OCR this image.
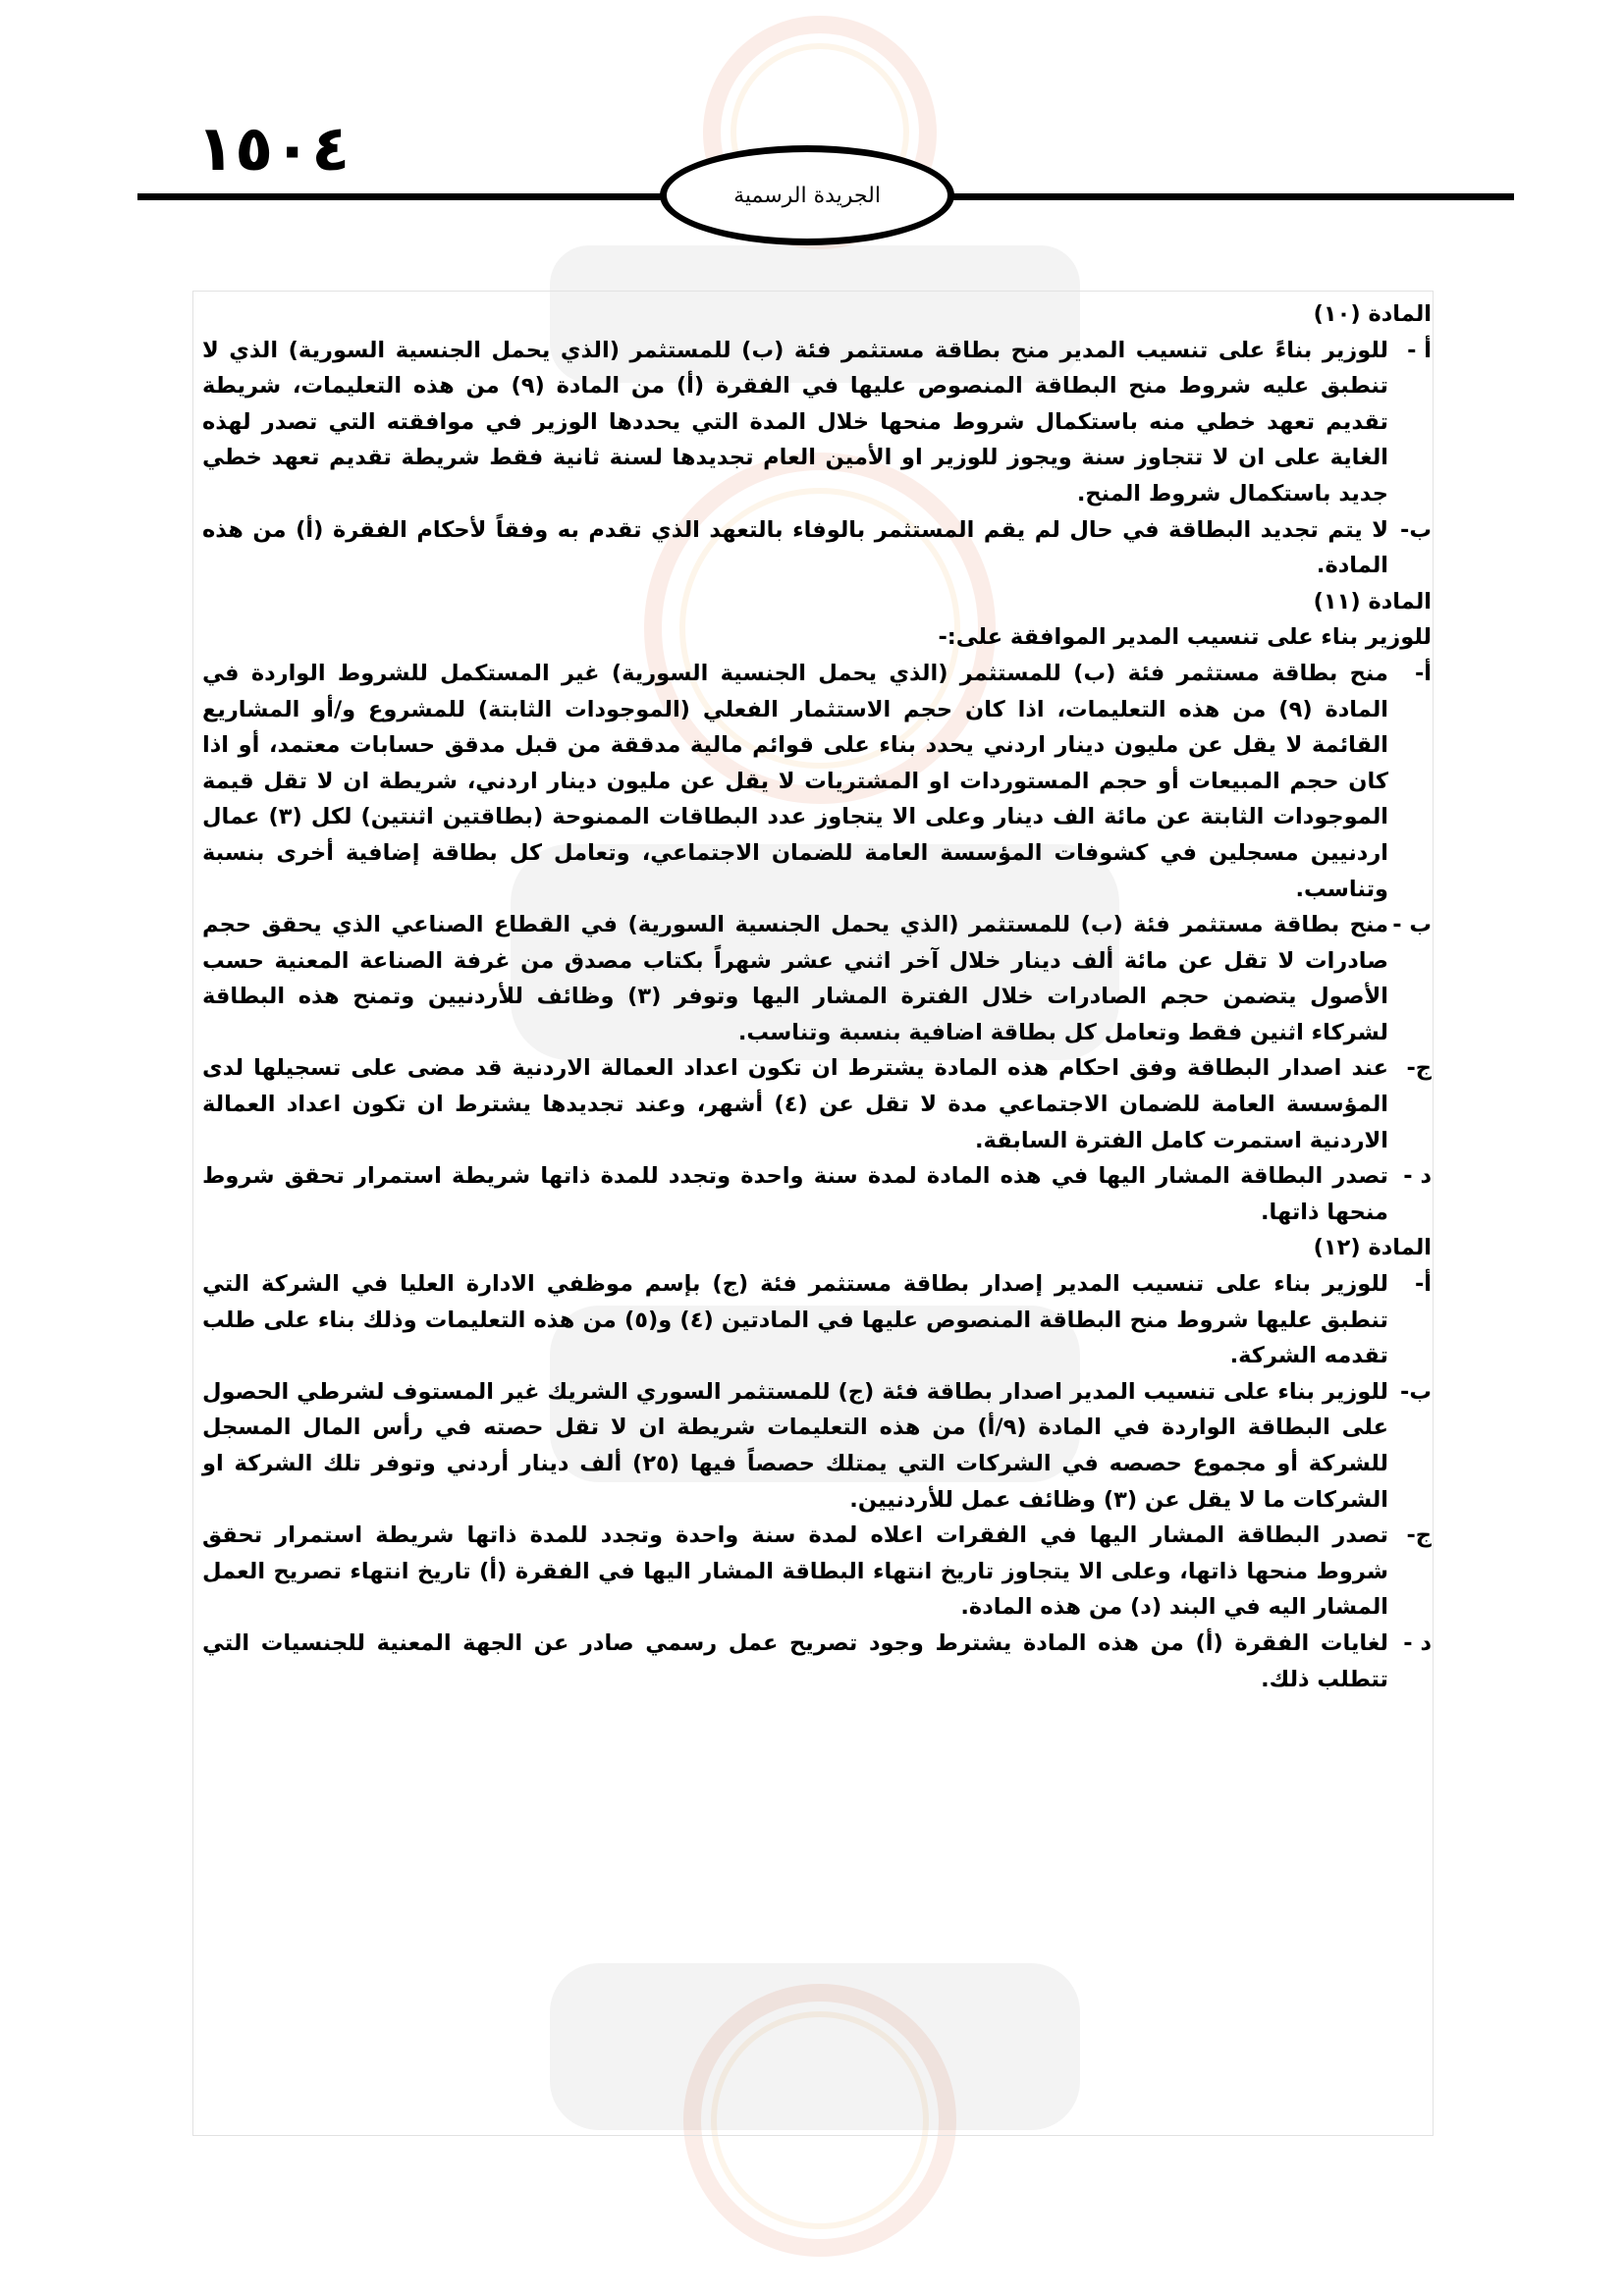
١٥٠٤
الجريدة الرسمية

المادة (١٠)

أ -
للوزير بناءً على تنسيب المدير منح بطاقة مستثمر فئة (ب) للمستثمر (الذي يحمل الجنسية السورية) الذي لا تنطبق عليه شروط منح البطاقة المنصوص عليها في الفقرة (أ) من المادة (٩) من هذه التعليمات، شريطة تقديم تعهد خطي منه باستكمال شروط منحها خلال المدة التي يحددها الوزير في موافقته التي تصدر لهذه الغاية على ان لا تتجاوز سنة ويجوز للوزير او الأمين العام تجديدها لسنة ثانية فقط شريطة تقديم تعهد خطي جديد باستكمال شروط المنح.
ب-
لا يتم تجديد البطاقة في حال لم يقم المستثمر بالوفاء بالتعهد الذي تقدم به وفقاً لأحكام الفقرة (أ) من هذه المادة.

المادة (١١)

للوزير بناء على تنسيب المدير الموافقة على:-

أ-
منح بطاقة مستثمر فئة (ب) للمستثمر (الذي يحمل الجنسية السورية) غير المستكمل للشروط الواردة في المادة (٩) من هذه التعليمات، اذا كان حجم الاستثمار الفعلي (الموجودات الثابتة) للمشروع و/أو المشاريع القائمة لا يقل عن مليون دينار اردني يحدد بناء على قوائم مالية مدققة من قبل مدقق حسابات معتمد، أو اذا كان حجم المبيعات أو حجم المستوردات او المشتريات لا يقل عن مليون دينار اردني، شريطة ان لا تقل قيمة الموجودات الثابتة عن مائة الف دينار وعلى الا يتجاوز عدد البطاقات الممنوحة (بطاقتين اثنتين) لكل (٣) عمال اردنيين مسجلين في كشوفات المؤسسة العامة للضمان الاجتماعي، وتعامل كل بطاقة إضافية أخرى بنسبة وتناسب.
ب -
منح بطاقة مستثمر فئة (ب) للمستثمر (الذي يحمل الجنسية السورية) في القطاع الصناعي الذي يحقق حجم صادرات لا تقل عن مائة ألف دينار خلال آخر اثني عشر شهراً بكتاب مصدق من غرفة الصناعة المعنية حسب الأصول يتضمن حجم الصادرات خلال الفترة المشار اليها وتوفر (٣) وظائف للأردنيين وتمنح هذه البطاقة لشركاء اثنين فقط وتعامل كل بطاقة اضافية بنسبة وتناسب.
ج-
عند اصدار البطاقة وفق احكام هذه المادة يشترط ان تكون اعداد العمالة الاردنية قد مضى على تسجيلها لدى المؤسسة العامة للضمان الاجتماعي مدة لا تقل عن (٤) أشهر، وعند تجديدها يشترط ان تكون اعداد العمالة الاردنية استمرت كامل الفترة السابقة.
د -
تصدر البطاقة المشار اليها في هذه المادة لمدة سنة واحدة وتجدد للمدة ذاتها شريطة استمرار تحقق شروط منحها ذاتها.

المادة (١٢)

أ-
للوزير بناء على تنسيب المدير إصدار بطاقة مستثمر فئة (ج) بإسم موظفي الادارة العليا في الشركة التي تنطبق عليها شروط منح البطاقة المنصوص عليها في المادتين (٤) و(٥) من هذه التعليمات وذلك بناء على طلب تقدمه الشركة.
ب-
للوزير بناء على تنسيب المدير اصدار بطاقة فئة (ج) للمستثمر السوري الشريك غير المستوف لشرطي الحصول على البطاقة الواردة في المادة (٩/أ) من هذه التعليمات شريطة ان لا تقل حصته في رأس المال المسجل للشركة أو مجموع حصصه في الشركات التي يمتلك حصصاً فيها (٢٥) ألف دينار أردني وتوفر تلك الشركة او الشركات ما لا يقل عن (٣) وظائف عمل للأردنيين.
ج-
تصدر البطاقة المشار اليها في الفقرات اعلاه لمدة سنة واحدة وتجدد للمدة ذاتها شريطة استمرار تحقق شروط منحها ذاتها، وعلى الا يتجاوز تاريخ انتهاء البطاقة المشار اليها في الفقرة (أ) تاريخ انتهاء تصريح العمل المشار اليه في البند (د) من هذه المادة.
د -
لغايات الفقرة (أ) من هذه المادة يشترط وجود تصريح عمل رسمي صادر عن الجهة المعنية للجنسيات التي تتطلب ذلك.
